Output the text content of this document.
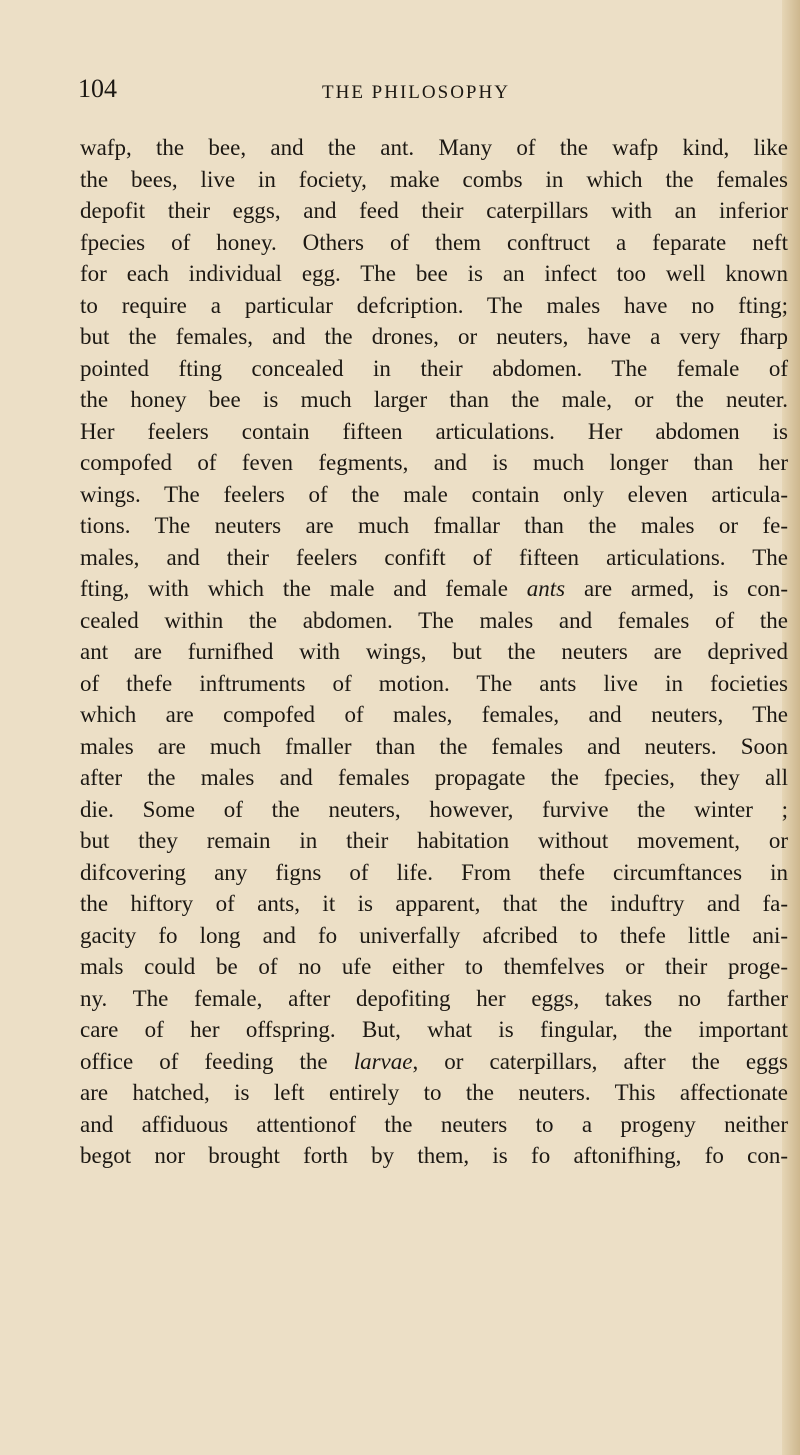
104	THE PHILOSOPHY
wafp, the bee, and the ant. Many of the wafp kind, like
the bees, live in fociety, make combs in which the females
depofit their eggs, and feed their caterpillars with an inferior
fpecies of honey. Others of them conftruct a feparate neft
for each individual egg. The bee is an infect too well known
to require a particular defcription. The males have no fting;
but the females, and the drones, or neuters, have a very fharp
pointed fting concealed in their abdomen. The female of
the honey bee is much larger than the male, or the neuter.
Her feelers contain fifteen articulations. Her abdomen is
compofed of feven fegments, and is much longer than her
wings. The feelers of the male contain only eleven articula-
tions. The neuters are much fmallar than the males or fe-
males, and their feelers confift of fifteen articulations. The
fting, with which the male and female ants are armed, is con-
cealed within the abdomen. The males and females of the
ant are furnifhed with wings, but the neuters are deprived
of thefe inftruments of motion. The ants live in focieties
which are compofed of males, females, and neuters, The
males are much fmaller than the females and neuters. Soon
after the males and females propagate the fpecies, they all
die. Some of the neuters, however, furvive the winter ;
but they remain in their habitation without movement, or
difcovering any figns of life. From thefe circumftances in
the hiftory of ants, it is apparent, that the induftry and fa-
gacity fo long and fo univerfally afcribed to thefe little ani-
mals could be of no ufe either to themfelves or their proge-
ny. The female, after depofiting her eggs, takes no farther
care of her offspring. But, what is fingular, the important
office of feeding the larvae, or caterpillars, after the eggs
are hatched, is left entirely to the neuters. This affectionate
and affiduous attentionof the neuters to a progeny neither
begot nor brought forth by them, is fo aftonifhing, fo con-
